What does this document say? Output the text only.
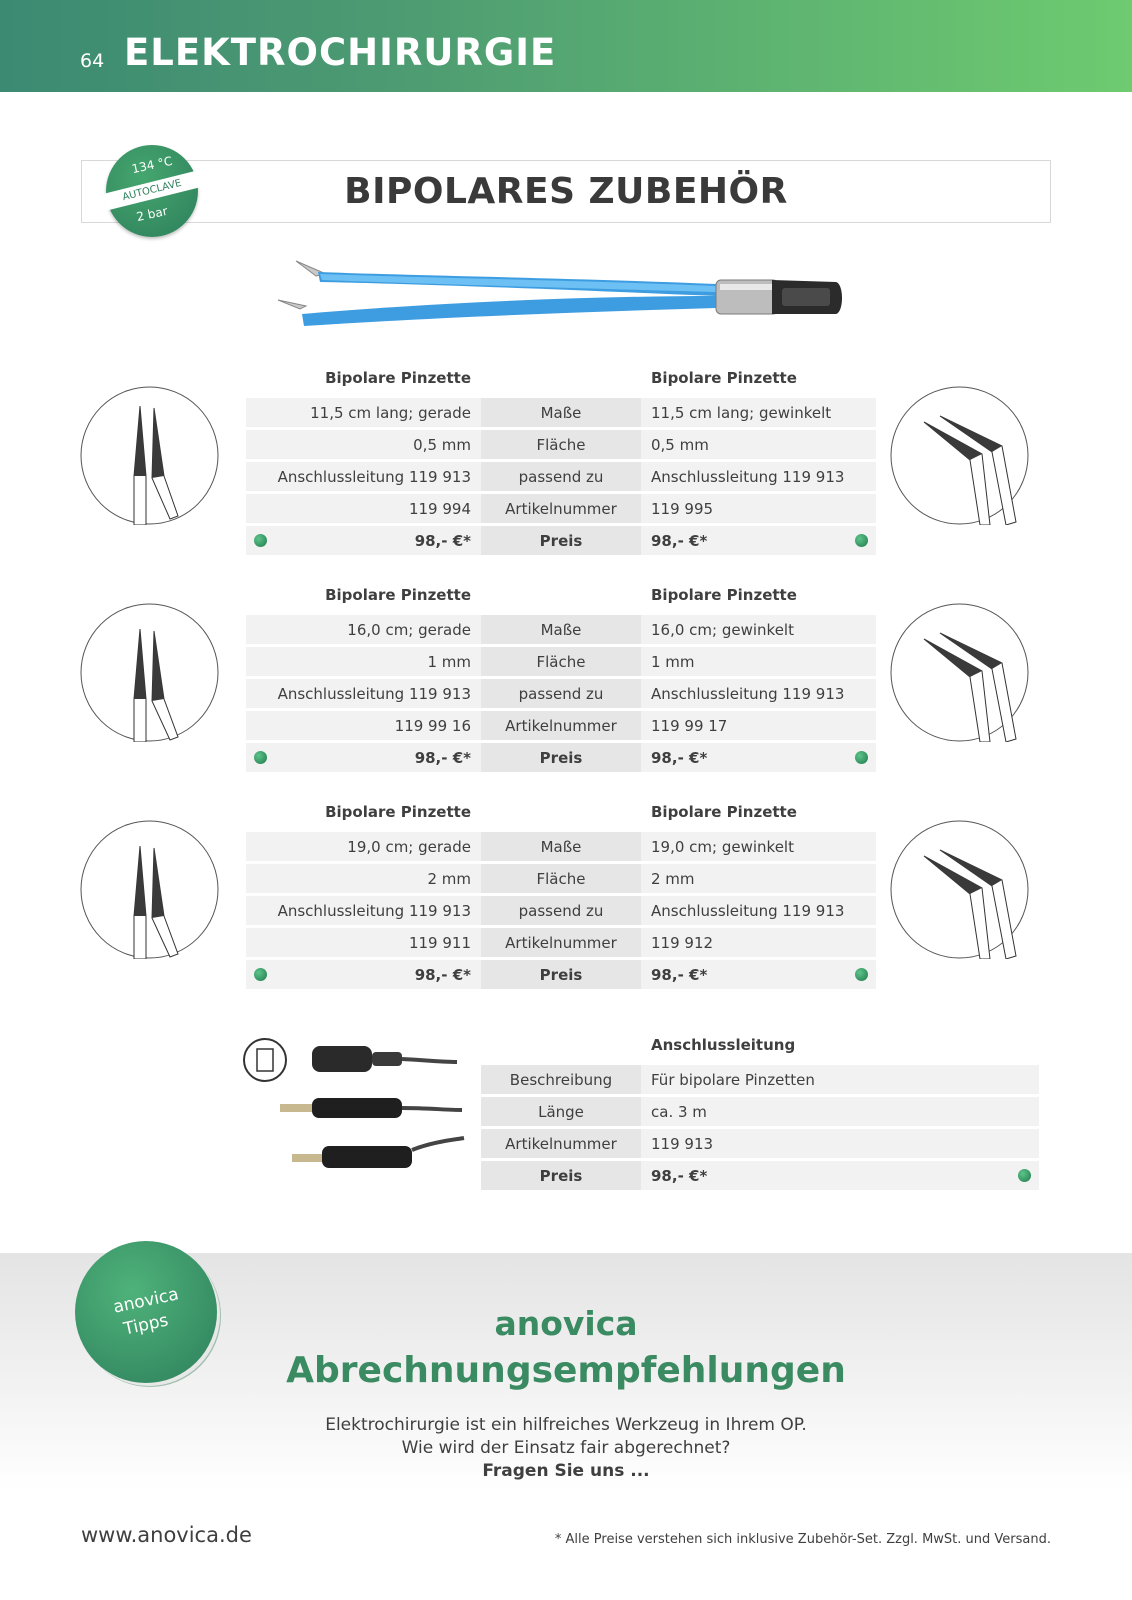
64 ELEKTROCHIRURGIE
BIPOLARES ZUBEHÖR
134 °C
AUTOCLAVE
2 bar
Bipolare Pinzette		Bipolare Pinzette
11,5 cm lang; gerade	Maße	11,5 cm lang; gewinkelt
0,5 mm	Fläche	0,5 mm
Anschlussleitung 119 913	passend zu	Anschlussleitung 119 913
119 994	Artikelnummer	119 995

98,- €*	Preis	98,- €*
Bipolare Pinzette		Bipolare Pinzette
16,0 cm; gerade	Maße	16,0 cm; gewinkelt
1 mm	Fläche	1 mm
Anschlussleitung 119 913	passend zu	Anschlussleitung 119 913
119 99 16	Artikelnummer	119 99 17

98,- €*	Preis	98,- €*
Bipolare Pinzette		Bipolare Pinzette
19,0 cm; gerade	Maße	19,0 cm; gewinkelt
2 mm	Fläche	2 mm
Anschlussleitung 119 913	passend zu	Anschlussleitung 119 913
119 911	Artikelnummer	119 912

98,- €*	Preis	98,- €*
	Anschlussleitung
Beschreibung	Für bipolare Pinzetten
Länge	ca. 3 m
Artikelnummer	119 913
Preis	98,- €*
anovica
Tipps	anovica
Abrechnungsempfehlungen
Elektrochirurgie ist ein hilfreiches Werkzeug in Ihrem OP.
Wie wird der Einsatz fair abgerechnet?
Fragen Sie uns ...
www.anovica.de	* Alle Preise verstehen sich inklusive Zubehör-Set. Zzgl. MwSt. und Versand.
